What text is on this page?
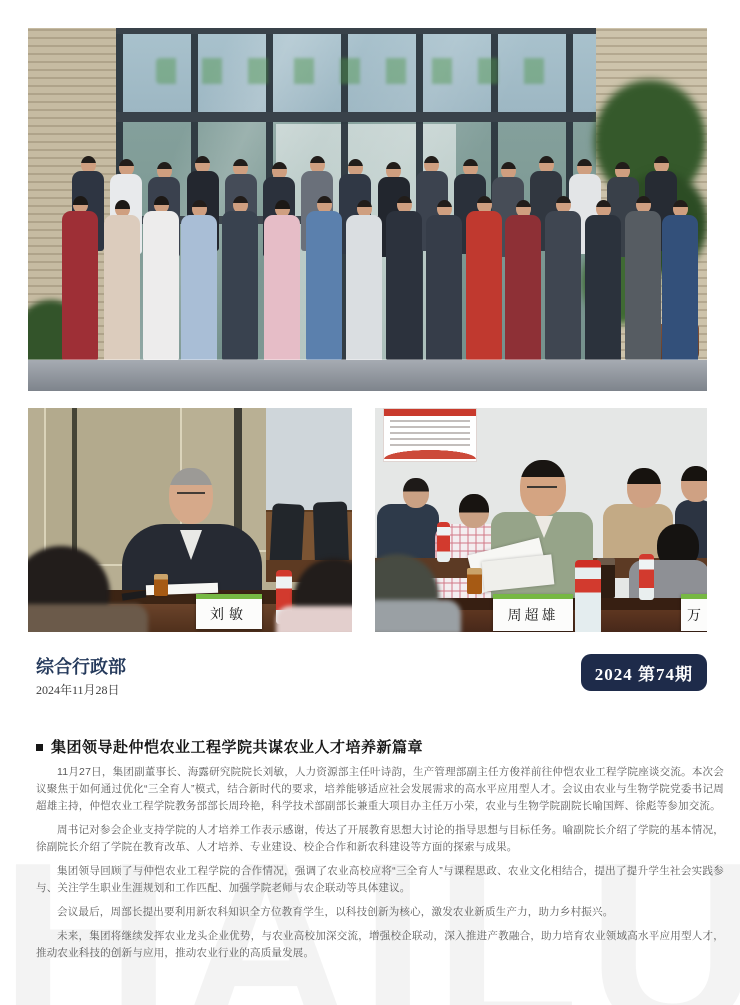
刘敏	周超雄	万
综合行政部
2024年11月28日
2024 第74期
集团领导赴仲恺农业工程学院共谋农业人才培养新篇章

11月27日，集团副董事长、海露研究院院长刘敏，人力资源部主任叶诗韵，生产管理部副主任方俊祥前往仲恺农业工程学院座谈交流。本次会议聚焦于如何通过优化“三全育人”模式，结合新时代的要求，培养能够适应社会发展需求的高水平应用型人才。会议由农业与生物学院党委书记周超雄主持，仲恺农业工程学院教务部部长周玲艳，科学技术部副部长兼重大项目办主任万小荣，农业与生物学院副院长喻国辉、徐彪等参加交流。

周书记对参会企业支持学院的人才培养工作表示感谢，传达了开展教育思想大讨论的指导思想与目标任务。喻副院长介绍了学院的基本情况，徐副院长介绍了学院在教育改革、人才培养、专业建设、校企合作和新农科建设等方面的探索与成果。

集团领导回顾了与仲恺农业工程学院的合作情况，强调了农业高校应将“三全育人”与课程思政、农业文化相结合，提出了提升学生社会实践参与、关注学生职业生涯规划和工作匹配、加强学院老师与农企联动等具体建议。

会议最后，周部长提出要利用新农科知识全方位教育学生，以科技创新为核心，激发农业新质生产力，助力乡村振兴。

未来，集团将继续发挥农业龙头企业优势，与农业高校加深交流，增强校企联动，深入推进产教融合，助力培育农业领域高水平应用型人才，推动农业科技的创新与应用，推动农业行业的高质量发展。
